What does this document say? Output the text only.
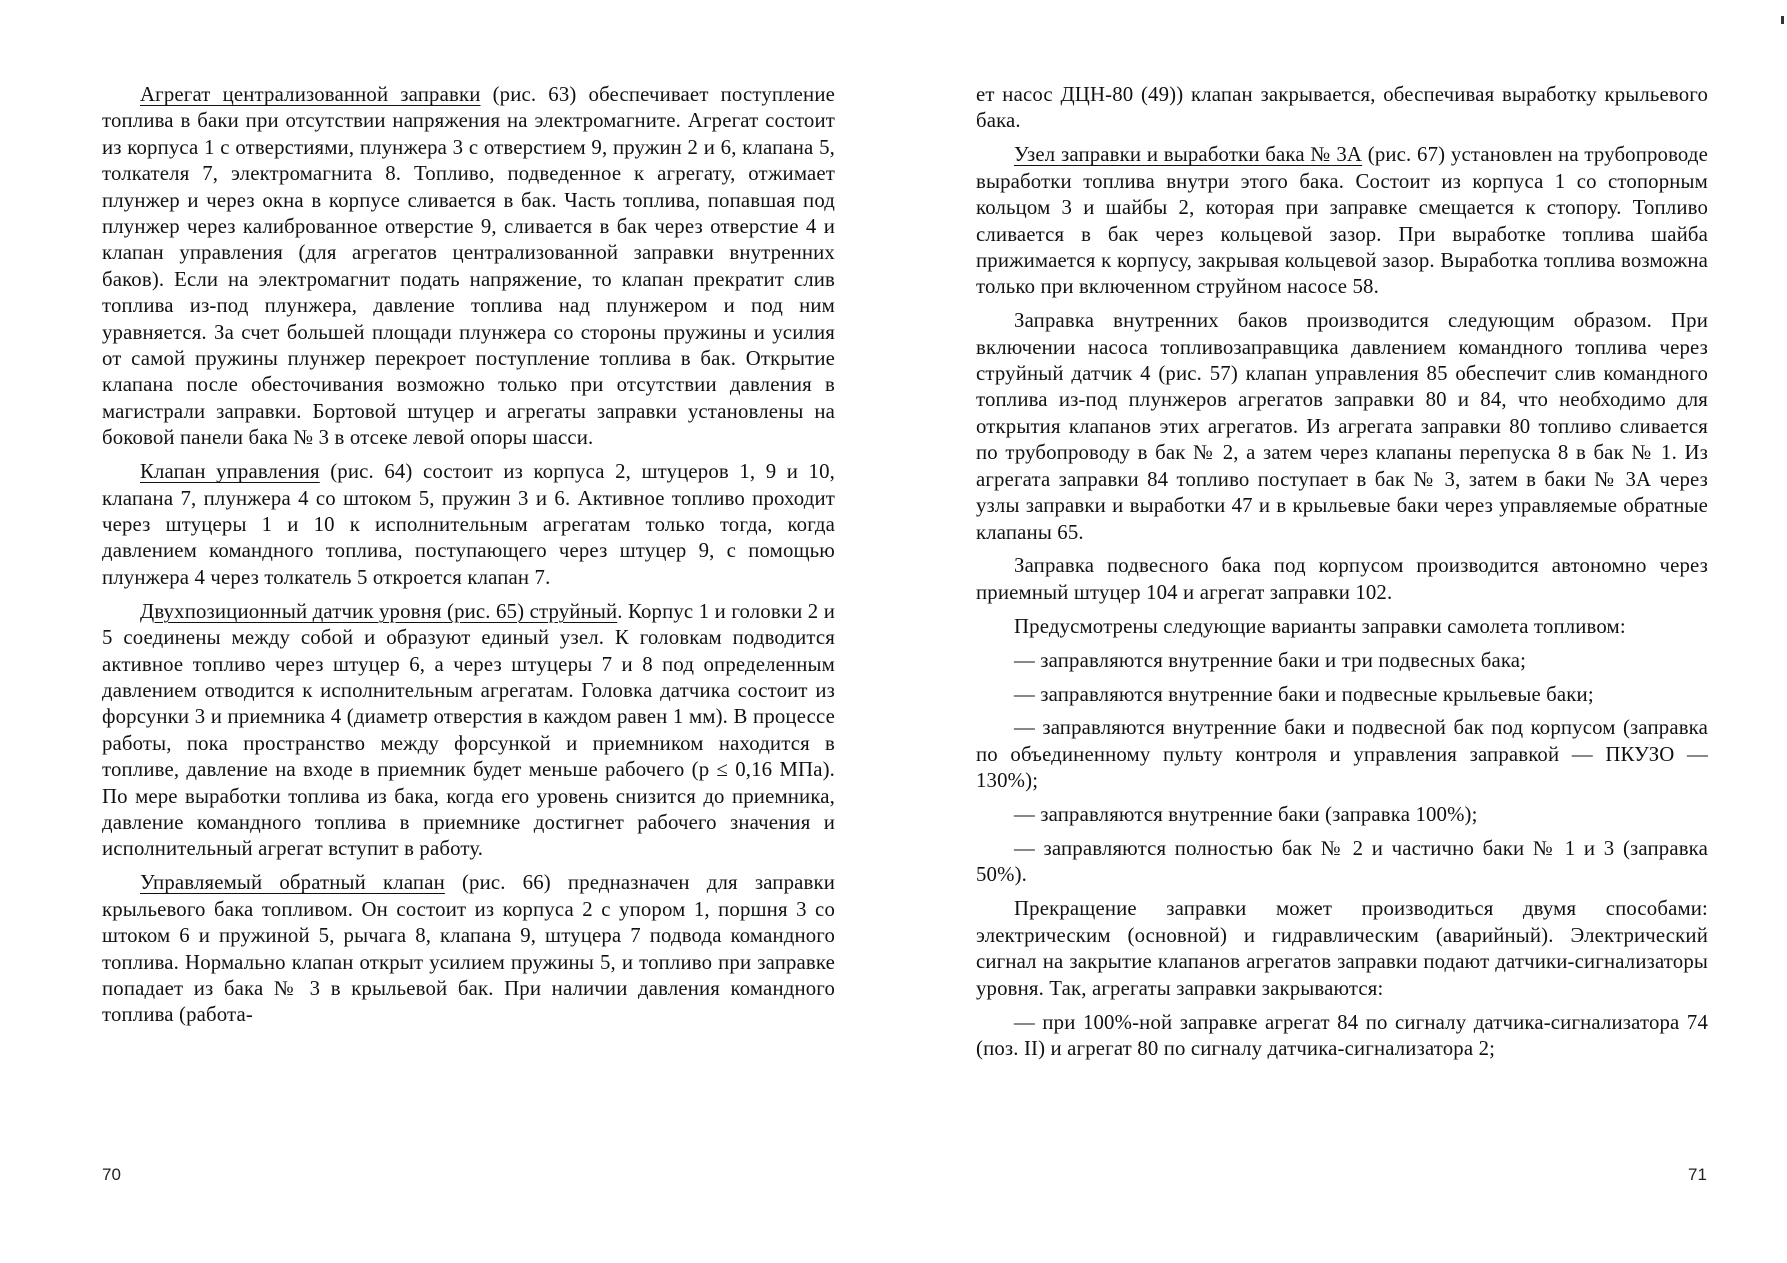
Агрегат централизованной заправки (рис. 63) обеспечивает поступление топлива в баки при отсутствии напряжения на электромагните. Агрегат состоит из корпуса 1 с отверстиями, плунжера 3 с отверстием 9, пружин 2 и 6, клапана 5, толкателя 7, электромагнита 8. Топливо, подведенное к агрегату, отжимает плунжер и через окна в корпусе сливается в бак. Часть топлива, попавшая под плунжер через калиброванное отверстие 9, сливается в бак через отверстие 4 и клапан управления (для агрегатов централизованной заправки внутренних баков). Если на электромагнит подать напряжение, то клапан прекратит слив топлива из-под плунжера, давление топлива над плунжером и под ним уравняется. За счет большей площади плунжера со стороны пружины и усилия от самой пружины плунжер перекроет поступление топлива в бак. Открытие клапана после обесточивания возможно только при отсутствии давления в магистрали заправки. Бортовой штуцер и агрегаты заправки установлены на боковой панели бака № 3 в отсеке левой опоры шасси.

Клапан управления (рис. 64) состоит из корпуса 2, штуцеров 1, 9 и 10, клапана 7, плунжера 4 со штоком 5, пружин 3 и 6. Активное топливо проходит через штуцеры 1 и 10 к исполнительным агрегатам только тогда, когда давлением командного топлива, поступающего через штуцер 9, с помощью плунжера 4 через толкатель 5 откроется клапан 7.

Двухпозиционный датчик уровня (рис. 65) струйный. Корпус 1 и головки 2 и 5 соединены между собой и образуют единый узел. К головкам подводится активное топливо через штуцер 6, а через штуцеры 7 и 8 под определенным давлением отводится к исполнительным агрегатам. Головка датчика состоит из форсунки 3 и приемника 4 (диаметр отверстия в каждом равен 1 мм). В процессе работы, пока пространство между форсункой и приемником находится в топливе, давление на входе в приемник будет меньше рабочего (p ≤ 0,16 МПа). По мере выработки топлива из бака, когда его уровень снизится до приемника, давление командного топлива в приемнике достигнет рабочего значения и исполнительный агрегат вступит в работу.

Управляемый обратный клапан (рис. 66) предназначен для заправки крыльевого бака топливом. Он состоит из корпуса 2 с упором 1, поршня 3 со штоком 6 и пружиной 5, рычага 8, клапана 9, штуцера 7 подвода командного топлива. Нормально клапан открыт усилием пружины 5, и топливо при заправке попадает из бака № 3 в крыльевой бак. При наличии давления командного топлива (работа-

70

ет насос ДЦН-80 (49)) клапан закрывается, обеспечивая выработку крыльевого бака.

Узел заправки и выработки бака № 3А (рис. 67) установлен на трубопроводе выработки топлива внутри этого бака. Состоит из корпуса 1 со стопорным кольцом 3 и шайбы 2, которая при заправке смещается к стопору. Топливо сливается в бак через кольцевой зазор. При выработке топлива шайба прижимается к корпусу, закрывая кольцевой зазор. Выработка топлива возможна только при включенном струйном насосе 58.

Заправка внутренних баков производится следующим образом. При включении насоса топливозаправщика давлением командного топлива через струйный датчик 4 (рис. 57) клапан управления 85 обеспечит слив командного топлива из-под плунжеров агрегатов заправки 80 и 84, что необходимо для открытия клапанов этих агрегатов. Из агрегата заправки 80 топливо сливается по трубопроводу в бак № 2, а затем через клапаны перепуска 8 в бак № 1. Из агрегата заправки 84 топливо поступает в бак № 3, затем в баки № 3А через узлы заправки и выработки 47 и в крыльевые баки через управляемые обратные клапаны 65.

Заправка подвесного бака под корпусом производится автономно через приемный штуцер 104 и агрегат заправки 102.

Предусмотрены следующие варианты заправки самолета топливом:

— заправляются внутренние баки и три подвесных бака;

— заправляются внутренние баки и подвесные крыльевые баки;

— заправляются внутренние баки и подвесной бак под корпусом (заправка по объединенному пульту контроля и управления заправкой — ПКУЗО — 130%);

— заправляются внутренние баки (заправка 100%);

— заправляются полностью бак № 2 и частично баки № 1 и 3 (заправка 50%).

Прекращение заправки может производиться двумя способами: электрическим (основной) и гидравлическим (аварийный). Электрический сигнал на закрытие клапанов агрегатов заправки подают датчики-сигнализаторы уровня. Так, агрегаты заправки закрываются:

— при 100%-ной заправке агрегат 84 по сигналу датчика-сигнализатора 74 (поз. II) и агрегат 80 по сигналу датчика-сигнализатора 2;

71
